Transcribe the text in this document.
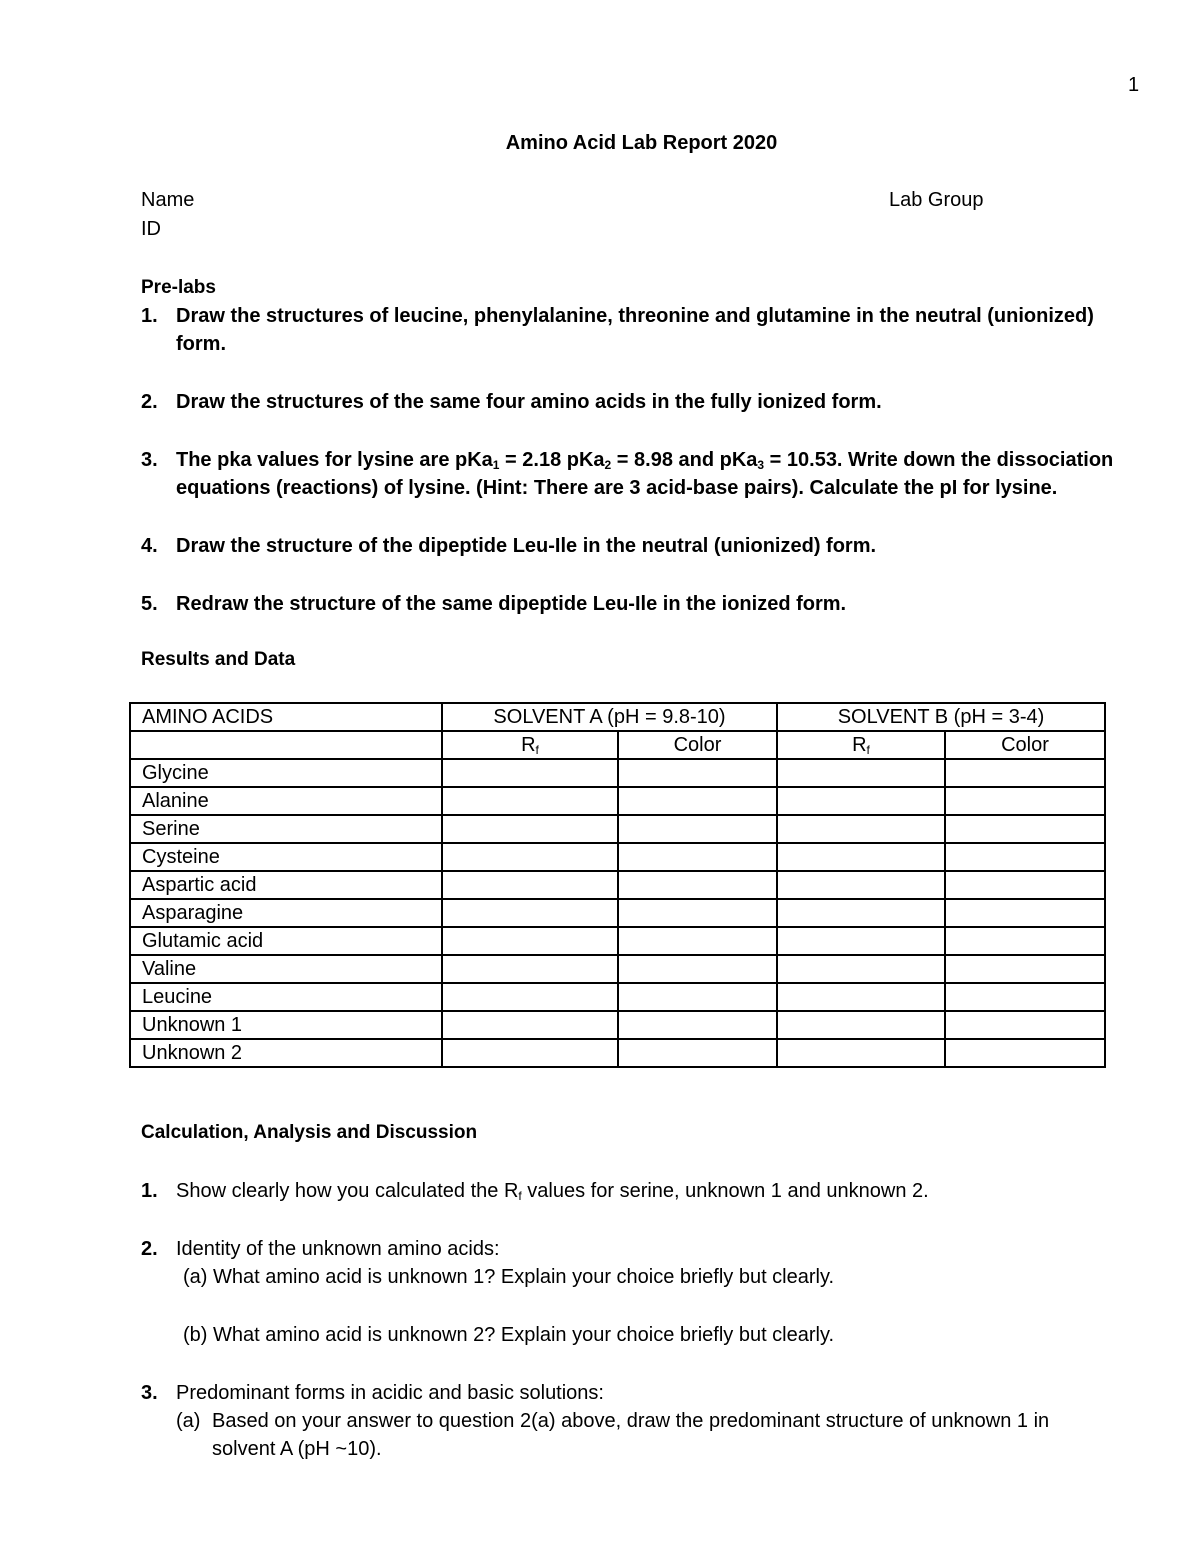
1
Amino Acid Lab Report 2020
Name	Lab Group
ID
Pre-labs
1. Draw the structures of leucine, phenylalanine, threonine and glutamine in the neutral (unionized)
form.
2. Draw the structures of the same four amino acids in the fully ionized form.
3. The pka values for lysine are pKa$_1$ = 2.18 pKa$_2$ = 8.98 and pKa$_3$ = 10.53. Write down the dissociation
equations (reactions) of lysine. (Hint: There are 3 acid-base pairs). Calculate the pI for lysine.
4. Draw the structure of the dipeptide Leu-Ile in the neutral (unionized) form.
5. Redraw the structure of the same dipeptide Leu-Ile in the ionized form.
Results and Data
AMINO ACIDS	SOLVENT A (pH = 9.8-10)		SOLVENT B (pH = 3-4)	
	$R_f$	Color	$R_f$	Color
Glycine				
Alanine				
Serine				
Cysteine				
Aspartic acid				
Asparagine				
Glutamic acid				
Valine				
Leucine				
Unknown 1				
Unknown 2				
Calculation, Analysis and Discussion
1. Show clearly how you calculated the $R_f$ values for serine, unknown 1 and unknown 2.
2. Identity of the unknown amino acids:
(a) What amino acid is unknown 1? Explain your choice briefly but clearly.
(b) What amino acid is unknown 2? Explain your choice briefly but clearly.
3. Predominant forms in acidic and basic solutions:
(a) Based on your answer to question 2(a) above, draw the predominant structure of unknown 1 in
solvent A (pH ~10).
